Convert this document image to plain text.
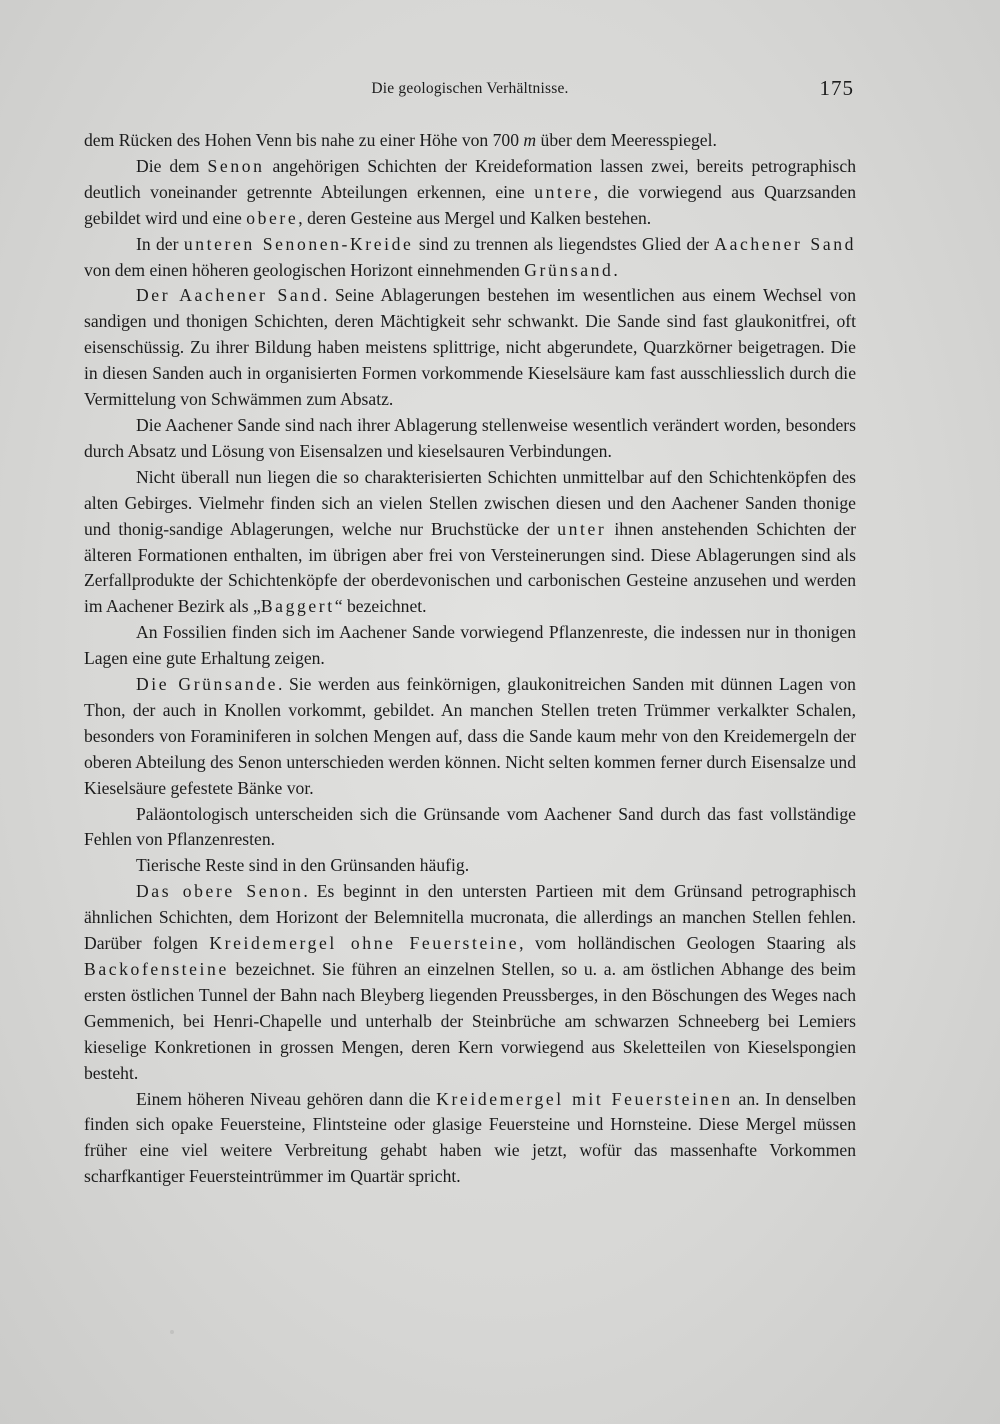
Die geologischen Verhältnisse.	175

dem Rücken des Hohen Venn bis nahe zu einer Höhe von 700 m über dem Meeresspiegel.

Die dem Senon angehörigen Schichten der Kreideformation lassen zwei, bereits petrographisch deutlich voneinander getrennte Abteilungen erkennen, eine untere, die vorwiegend aus Quarzsanden gebildet wird und eine obere, deren Gesteine aus Mergel und Kalken bestehen.

In der unteren Senonen-Kreide sind zu trennen als liegendstes Glied der Aachener Sand von dem einen höheren geologischen Horizont einnehmenden Grünsand.

Der Aachener Sand. Seine Ablagerungen bestehen im wesentlichen aus einem Wechsel von sandigen und thonigen Schichten, deren Mächtigkeit sehr schwankt. Die Sande sind fast glaukonitfrei, oft eisenschüssig. Zu ihrer Bildung haben meistens splittrige, nicht abgerundete, Quarzkörner beigetragen. Die in diesen Sanden auch in organisierten Formen vorkommende Kieselsäure kam fast ausschliesslich durch die Vermittelung von Schwämmen zum Absatz.

Die Aachener Sande sind nach ihrer Ablagerung stellenweise wesentlich verändert worden, besonders durch Absatz und Lösung von Eisensalzen und kieselsauren Verbindungen.

Nicht überall nun liegen die so charakterisierten Schichten unmittelbar auf den Schichtenköpfen des alten Gebirges. Vielmehr finden sich an vielen Stellen zwischen diesen und den Aachener Sanden thonige und thonig-sandige Ablagerungen, welche nur Bruchstücke der unter ihnen anstehenden Schichten der älteren Formationen enthalten, im übrigen aber frei von Versteinerungen sind. Diese Ablagerungen sind als Zerfallprodukte der Schichtenköpfe der oberdevonischen und carbonischen Gesteine anzusehen und werden im Aachener Bezirk als „Baggert“ bezeichnet.

An Fossilien finden sich im Aachener Sande vorwiegend Pflanzenreste, die indessen nur in thonigen Lagen eine gute Erhaltung zeigen.

Die Grünsande. Sie werden aus feinkörnigen, glaukonitreichen Sanden mit dünnen Lagen von Thon, der auch in Knollen vorkommt, gebildet. An manchen Stellen treten Trümmer verkalkter Schalen, besonders von Foraminiferen in solchen Mengen auf, dass die Sande kaum mehr von den Kreidemergeln der oberen Abteilung des Senon unterschieden werden können. Nicht selten kommen ferner durch Eisensalze und Kieselsäure gefestete Bänke vor.

Paläontologisch unterscheiden sich die Grünsande vom Aachener Sand durch das fast vollständige Fehlen von Pflanzenresten.

Tierische Reste sind in den Grünsanden häufig.

Das obere Senon. Es beginnt in den untersten Partieen mit dem Grünsand petrographisch ähnlichen Schichten, dem Horizont der Belemnitella mucronata, die allerdings an manchen Stellen fehlen. Darüber folgen Kreidemergel ohne Feuersteine, vom holländischen Geologen Staaring als Backofensteine bezeichnet. Sie führen an einzelnen Stellen, so u. a. am östlichen Abhange des beim ersten östlichen Tunnel der Bahn nach Bleyberg liegenden Preussberges, in den Böschungen des Weges nach Gemmenich, bei Henri-Chapelle und unterhalb der Steinbrüche am schwarzen Schneeberg bei Lemiers kieselige Konkretionen in grossen Mengen, deren Kern vorwiegend aus Skeletteilen von Kieselspongien besteht.

Einem höheren Niveau gehören dann die Kreidemergel mit Feuersteinen an. In denselben finden sich opake Feuersteine, Flintsteine oder glasige Feuersteine und Hornsteine. Diese Mergel müssen früher eine viel weitere Verbreitung gehabt haben wie jetzt, wofür das massenhafte Vorkommen scharfkantiger Feuersteintrümmer im Quartär spricht.
